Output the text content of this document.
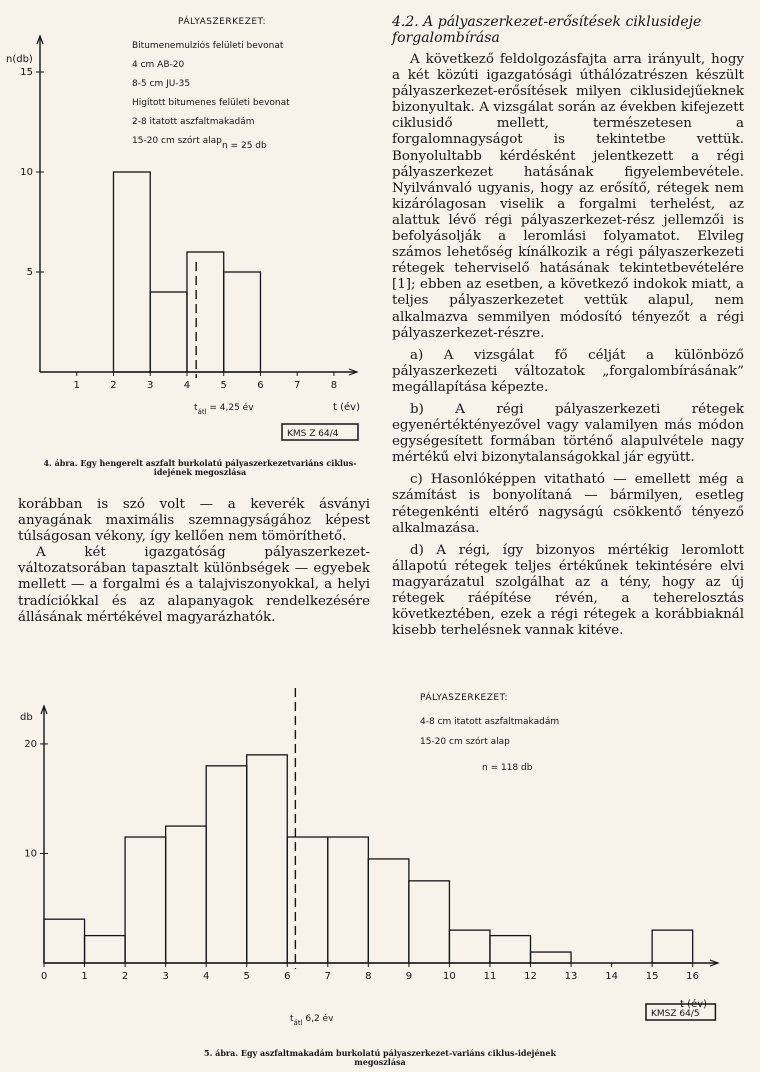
1	2	3	4	5	6	7	8
5
10
15
n(db)
t (év)
$t_{átl} = 4,25$ év
PÁLYASZERKEZET:
Bitumenemulziós felületi bevonat
4 cm AB-20
8-5 cm JU-35
Higított bitumenes felületi bevonat
2-8 itatott aszfaltmakadám
15-20 cm szórt alap n = 25 db
KMS Z 64/4
4. ábra. Egy hengerelt aszfalt burkolatú pályaszerkezetvariáns ciklus-idejének megoszlása

korábban is szó volt — a keverék ásványi anyagának maximális szemnagyságához képest túlságosan vékony, így kellően nem tömöríthető.

A két igazgatóság pályaszerkezet-változatsorában tapasztalt különbségek — egyebek mellett — a forgalmi és a talajviszonyokkal, a helyi tradíciókkal és az alapanyagok rendelkezésére állásának mértékével magyarázhatók.

4.2. A pályaszerkezet-erősítések ciklusideje forgalombírása

A következő feldolgozásfajta arra irányult, hogy a két közúti igazgatósági úthálózatrészen készült pályaszerkezet-erősítések milyen ciklusidejűeknek bizonyultak. A vizsgálat során az években kifejezett ciklusidő mellett, természetesen a forgalomnagyságot is tekintetbe vettük. Bonyolultabb kérdésként jelentkezett a régi pályaszerkezet hatásának figyelembevétele. Nyilvánvaló ugyanis, hogy az erősítő, rétegek nem kizárólagosan viselik a forgalmi terhelést, az alattuk lévő régi pályaszerkezet-rész jellemzői is befolyásolják a leromlási folyamatot. Elvileg számos lehetőség kínálkozik a régi pályaszerkezeti rétegek teherviselő hatásának tekintetbevételére [1]; ebben az esetben, a következő indokok miatt, a teljes pályaszerkezetet vettük alapul, nem alkalmazva semmilyen módosító tényezőt a régi pályaszerkezet-részre.

a) A vizsgálat fő célját a különböző pályaszerkezeti változatok „forgalombírásának” megállapítása képezte.

b) A régi pályaszerkezeti rétegek egyenértéktényezővel vagy valamilyen más módon egységesített formában történő alapulvétele nagy mértékű elvi bizonytalanságokkal jár együtt.

c) Hasonlóképpen vitatható — emellett még a számítást is bonyolítaná — bármilyen, esetleg rétegenkénti eltérő nagyságú csökkentő tényező alkalmazása.

d) A régi, így bizonyos mértékig leromlott állapotú rétegek teljes értékűnek tekintésére elvi magyarázatul szolgálhat az a tény, hogy az új rétegek ráépítése révén, a teherelosztás következtében, ezek a régi rétegek a korábbiaknál kisebb terhelésnek vannak kitéve.

0	1	2	3	4	5	6	7	8	9	10	11	12	13	14	15	16
10
20
db
t (év)
$t_{átl}$ 6,2 év
PÁLYASZERKEZET:
4-8 cm itatott aszfaltmakadám
15-20 cm szórt alap
n = 118 db
KMSZ 64/5
5. ábra. Egy aszfaltmakadám burkolatú pályaszerkezet-variáns ciklus-idejének megoszlása
